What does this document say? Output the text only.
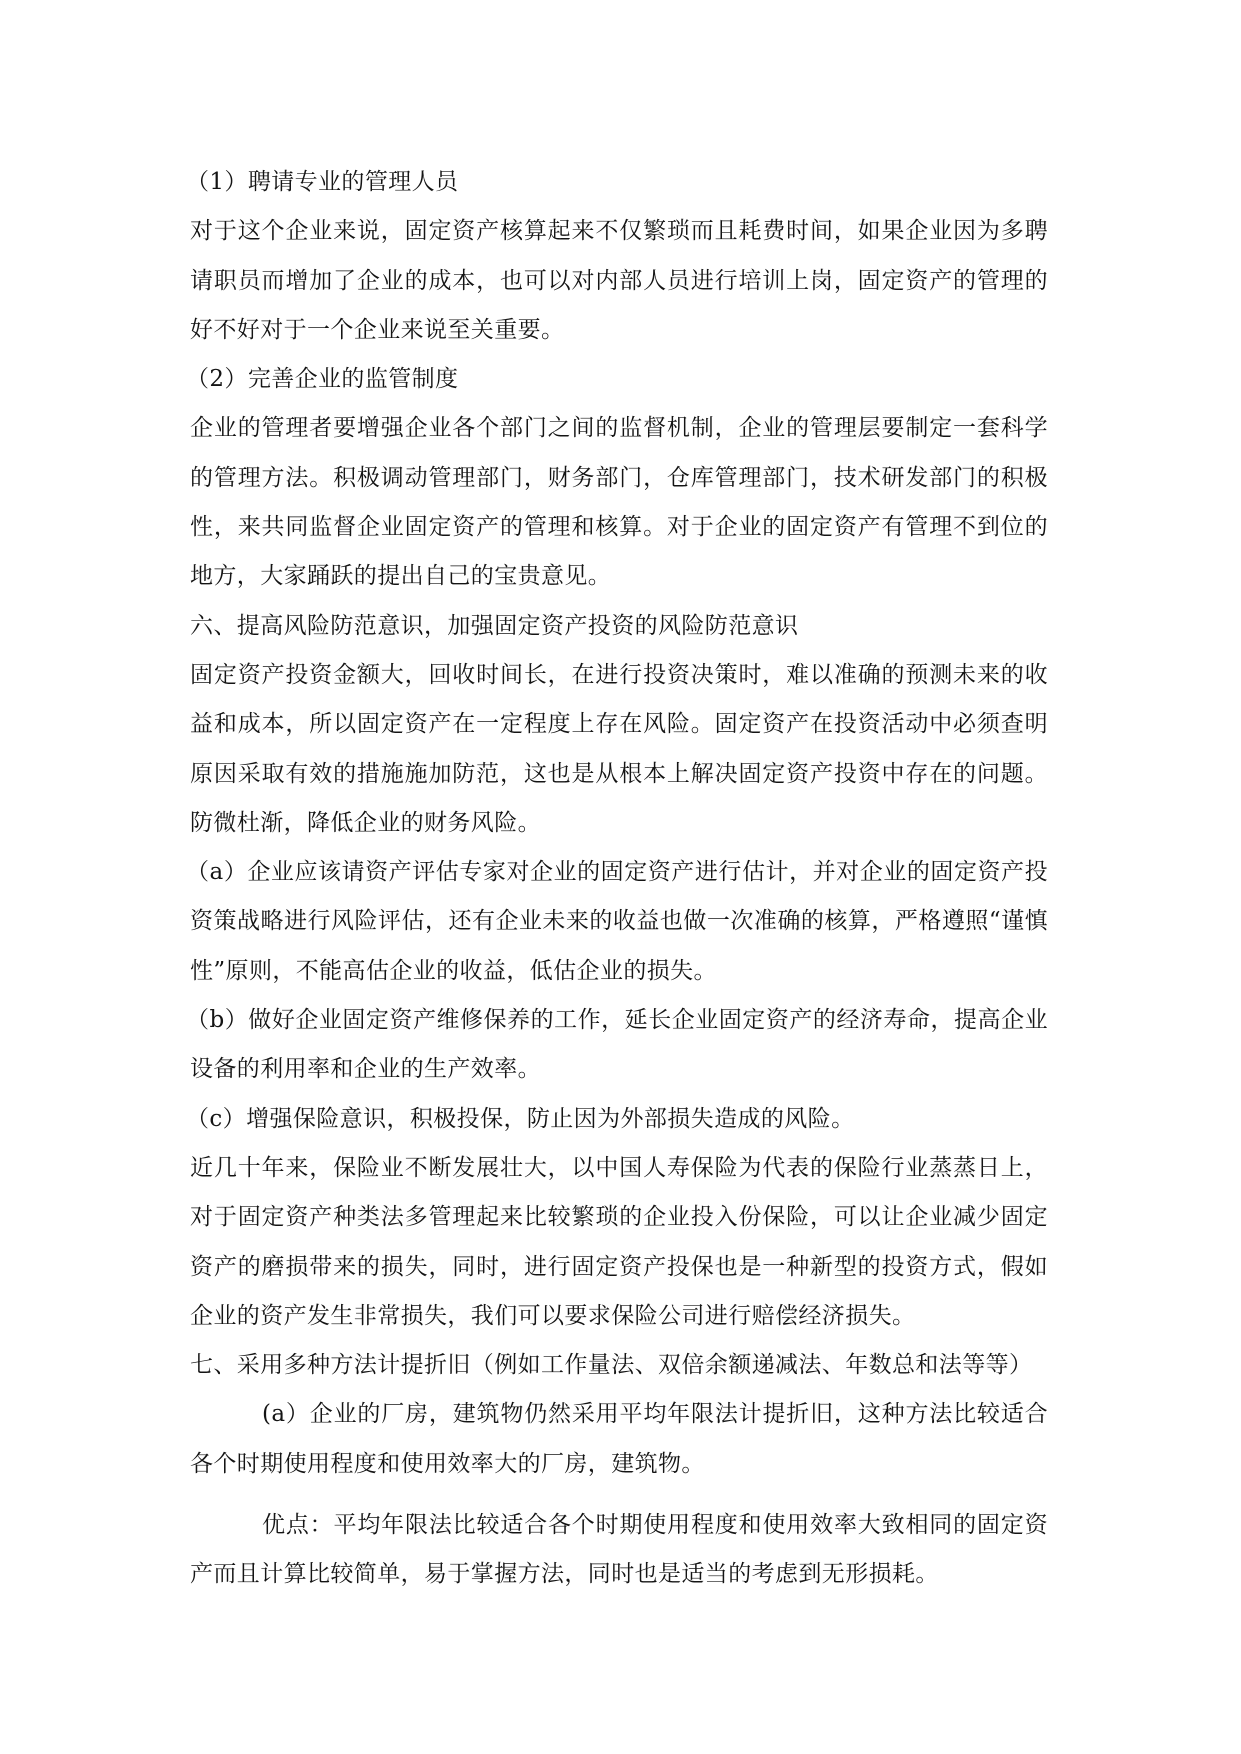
（1）聘请专业的管理人员

对于这个企业来说，固定资产核算起来不仅繁琐而且耗费时间，如果企业因为多聘请职员而增加了企业的成本，也可以对内部人员进行培训上岗，固定资产的管理的好不好对于一个企业来说至关重要。

（2）完善企业的监管制度

企业的管理者要增强企业各个部门之间的监督机制，企业的管理层要制定一套科学的管理方法。积极调动管理部门，财务部门，仓库管理部门，技术研发部门的积极性，来共同监督企业固定资产的管理和核算。对于企业的固定资产有管理不到位的地方，大家踊跃的提出自己的宝贵意见。

六、提高风险防范意识，加强固定资产投资的风险防范意识

固定资产投资金额大，回收时间长，在进行投资决策时，难以准确的预测未来的收益和成本，所以固定资产在一定程度上存在风险。固定资产在投资活动中必须查明原因采取有效的措施施加防范，这也是从根本上解决固定资产投资中存在的问题。防微杜渐，降低企业的财务风险。

（a）企业应该请资产评估专家对企业的固定资产进行估计，并对企业的固定资产投资策战略进行风险评估，还有企业未来的收益也做一次准确的核算，严格遵照“谨慎性”原则，不能高估企业的收益，低估企业的损失。

（b）做好企业固定资产维修保养的工作，延长企业固定资产的经济寿命，提高企业设备的利用率和企业的生产效率。

（c）增强保险意识，积极投保，防止因为外部损失造成的风险。

近几十年来，保险业不断发展壮大，以中国人寿保险为代表的保险行业蒸蒸日上，对于固定资产种类法多管理起来比较繁琐的企业投入份保险，可以让企业减少固定资产的磨损带来的损失，同时，进行固定资产投保也是一种新型的投资方式，假如企业的资产发生非常损失，我们可以要求保险公司进行赔偿经济损失。

七、采用多种方法计提折旧（例如工作量法、双倍余额递减法、年数总和法等等）

(a）企业的厂房，建筑物仍然采用平均年限法计提折旧，这种方法比较适合各个时期使用程度和使用效率大的厂房，建筑物。

优点：平均年限法比较适合各个时期使用程度和使用效率大致相同的固定资产而且计算比较简单，易于掌握方法，同时也是适当的考虑到无形损耗。
